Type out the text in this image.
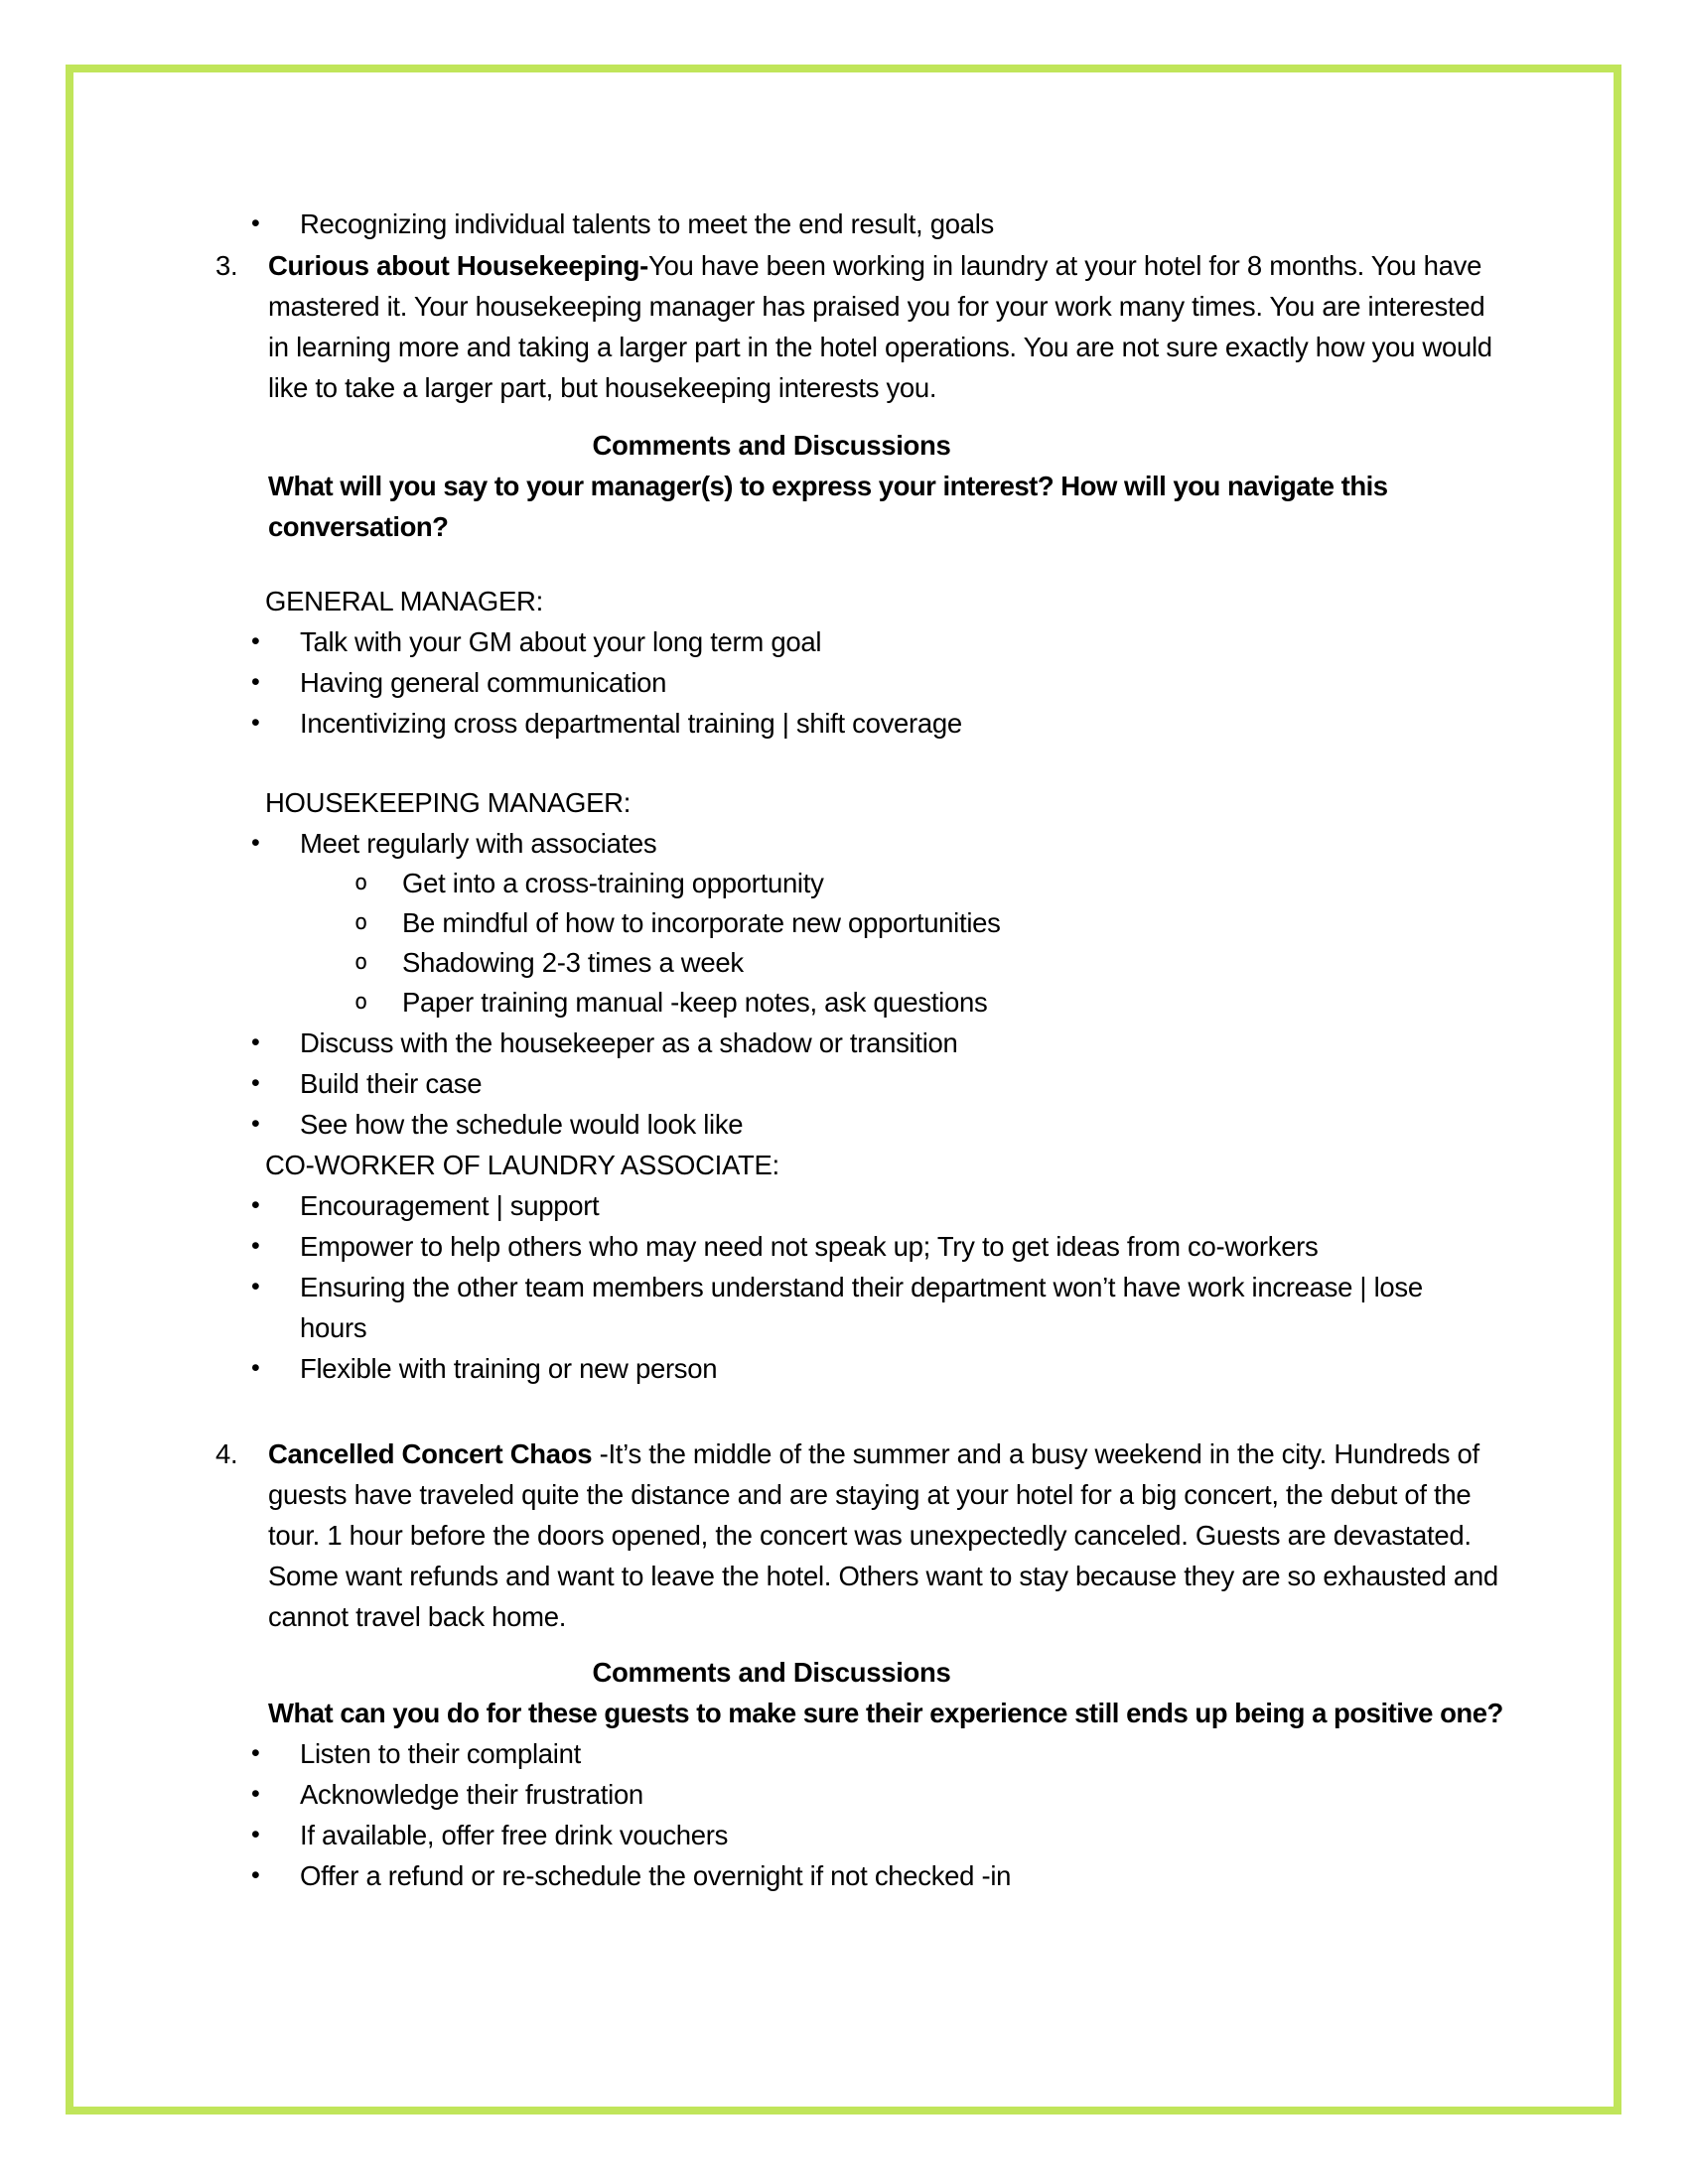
•	Recognizing individual talents to meet the end result, goals
3.	Curious about Housekeeping-You have been working in laundry at your hotel for 8 months. You have mastered it. Your housekeeping manager has praised you for your work many times. You are interested in learning more and taking a larger part in the hotel operations. You are not sure exactly how you would like to take a larger part, but housekeeping interests you.
Comments and Discussions
What will you say to your manager(s) to express your interest? How will you navigate this conversation?
GENERAL MANAGER:
•	Talk with your GM about your long term goal
•	Having general communication
•	Incentivizing cross departmental training | shift coverage
HOUSEKEEPING MANAGER:
•	Meet regularly with associates
o	Get into a cross-training opportunity
o	Be mindful of how to incorporate new opportunities
o	Shadowing 2-3 times a week
o	Paper training manual -keep notes, ask questions
•	Discuss with the housekeeper as a shadow or transition
•	Build their case
•	See how the schedule would look like
CO-WORKER OF LAUNDRY ASSOCIATE:
•	Encouragement | support
•	Empower to help others who may need not speak up; Try to get ideas from co-workers
•	Ensuring the other team members understand their department won’t have work increase | lose hours
•	Flexible with training or new person
4.	Cancelled Concert Chaos -It’s the middle of the summer and a busy weekend in the city. Hundreds of guests have traveled quite the distance and are staying at your hotel for a big concert, the debut of the tour. 1 hour before the doors opened, the concert was unexpectedly canceled. Guests are devastated. Some want refunds and want to leave the hotel. Others want to stay because they are so exhausted and cannot travel back home.
Comments and Discussions
What can you do for these guests to make sure their experience still ends up being a positive one?
•	Listen to their complaint
•	Acknowledge their frustration
•	If available, offer free drink vouchers
•	Offer a refund or re-schedule the overnight if not checked -in
